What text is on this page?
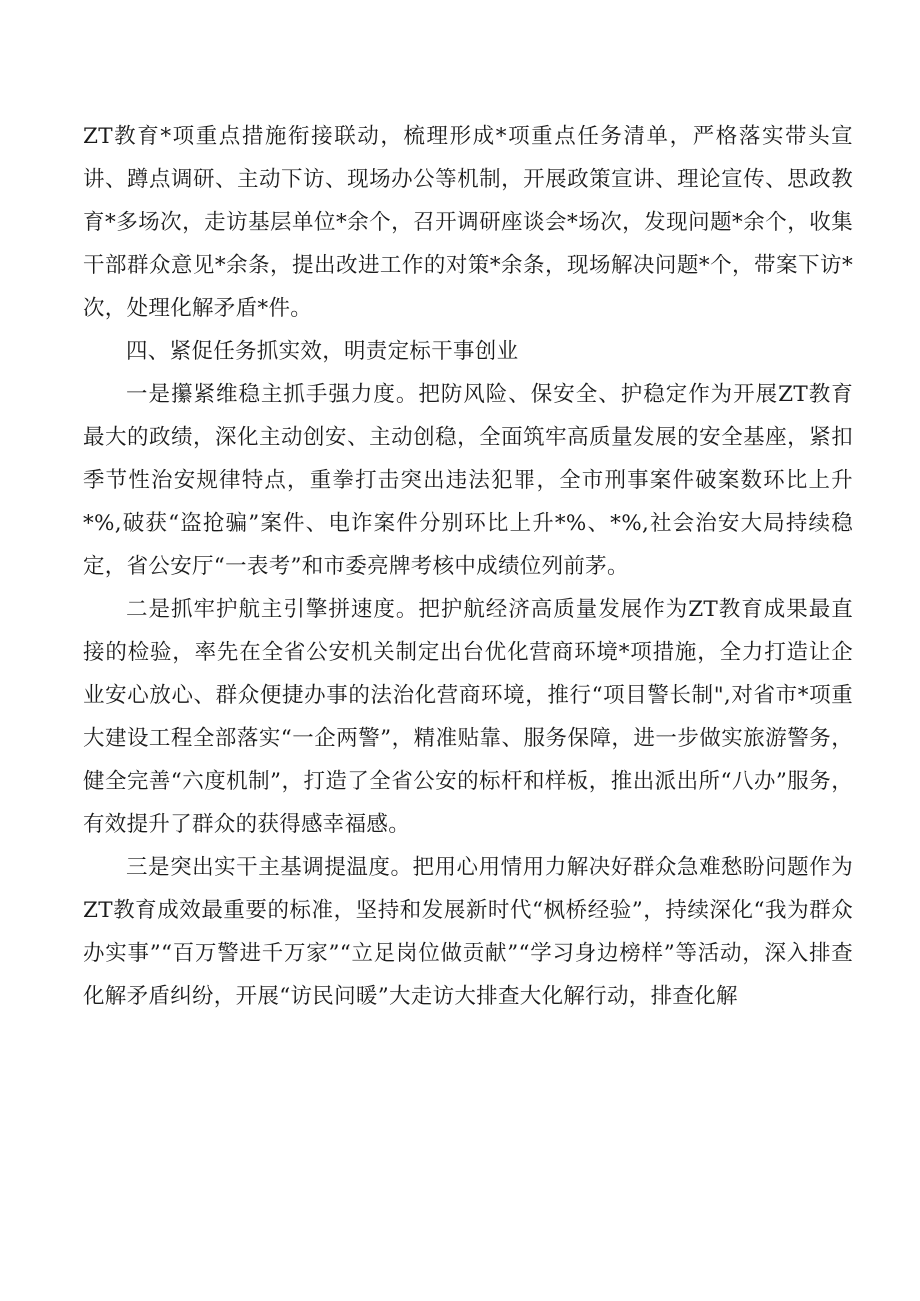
ZT教育*项重点措施衔接联动，梳理形成*项重点任务清单，严格落实带头宣讲、蹲点调研、主动下访、现场办公等机制，开展政策宣讲、理论宣传、思政教育*多场次，走访基层单位*余个，召开调研座谈会*场次，发现问题*余个，收集干部群众意见*余条，提出改进工作的对策*余条，现场解决问题*个，带案下访*次，处理化解矛盾*件。

四、紧促任务抓实效，明责定标干事创业

一是攥紧维稳主抓手强力度。把防风险、保安全、护稳定作为开展ZT教育最大的政绩，深化主动创安、主动创稳，全面筑牢高质量发展的安全基座，紧扣季节性治安规律特点，重拳打击突出违法犯罪，全市刑事案件破案数环比上升*%,破获“盗抢骗”案件、电诈案件分别环比上升*%、*%,社会治安大局持续稳定，省公安厅“一表考”和市委亮牌考核中成绩位列前茅。

二是抓牢护航主引擎拼速度。把护航经济高质量发展作为ZT教育成果最直接的检验，率先在全省公安机关制定出台优化营商环境*项措施，全力打造让企业安心放心、群众便捷办事的法治化营商环境，推行“项目警长制",对省市*项重大建设工程全部落实“一企两警”，精准贴靠、服务保障，进一步做实旅游警务，健全完善“六度机制”，打造了全省公安的标杆和样板，推出派出所“八办”服务，有效提升了群众的获得感幸福感。

三是突出实干主基调提温度。把用心用情用力解决好群众急难愁盼问题作为ZT教育成效最重要的标准，坚持和发展新时代“枫桥经验”，持续深化“我为群众办实事”“百万警进千万家”“立足岗位做贡献”“学习身边榜样”等活动，深入排查化解矛盾纠纷，开展“访民问暖”大走访大排查大化解行动，排查化解
